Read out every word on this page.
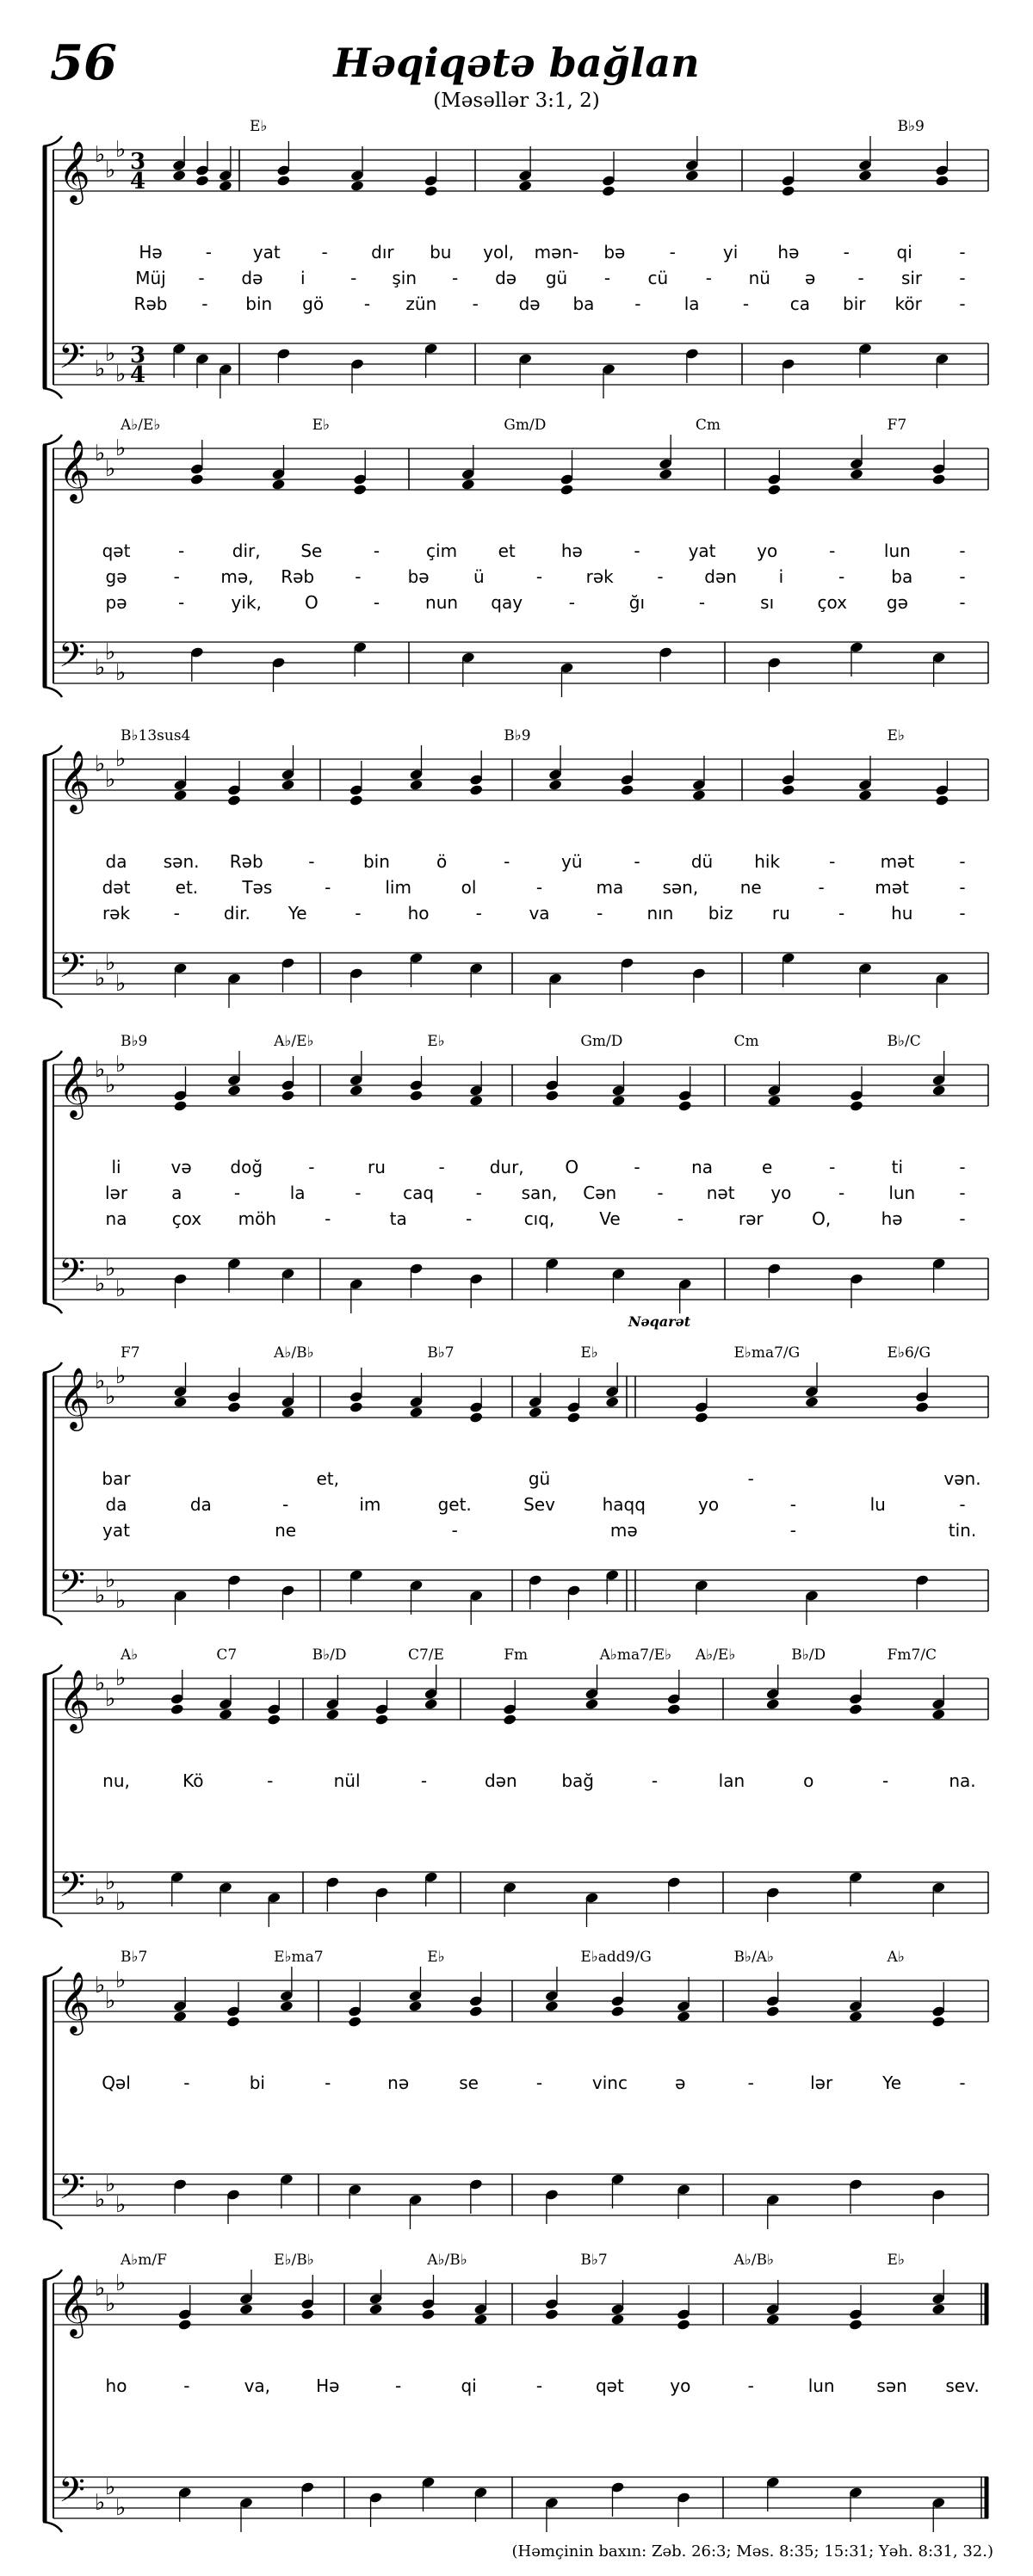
56	Həqiqətə bağlan
(Məsəllər 3:1, 2)
𝄞
𝄢
♭
♭
♭
♭
♭
♭
3
3
4
4
E♭	B♭9
Hə	- yat -	dır bu yol, mən- bə	-	yi hə	-	qi	-
Müj - də i	- şin - də gü - cü - nü ə - sir -
Rəb - bin gö - zün - də ba -	la	- ca bir kör -
𝄞
𝄢
♭
♭
♭
♭
♭
♭
A♭/E♭	E♭	Gm/D	Cm	F7
qət	-	dir, Se	-	çim et	hə	-	yat yo	-	lun	-
gə	- mə, Rəb -	bə	ü	-	rək	- dən i	-	ba	-
pə	-	yik,	O	-	nun qay	-	ğı	-	sı	çox gə	-
𝄞
𝄢
♭
♭
♭
♭
♭
♭
B♭13sus4	B♭9	E♭
da sən. Rəb	-	bin	ö	-	yü	-	dü hik	-	mət	-
dət	et.	Təs	-	lim	ol	-	ma sən, ne	-	mət	-
rək	-	dir. Ye	-	ho	-	va	-	nın biz ru	-	hu	-
𝄞
𝄢
♭
♭
♭
♭
♭
♭
B♭9	A♭/E♭	E♭	Gm/D	Cm	B♭/C
li	və doğ	-	ru	-	dur, O	-	na	e	-	ti	-
lər	a	-	la	- caq - san, Cən -	nət yo	-	lun	-
na	çox möh	-	ta	-	cıq,	Ve	-	rər	O,	hə	-
Nəqarət
𝄞
𝄢
♭
♭
♭
♭
♭
♭
F7	A♭/B♭	B♭7	E♭	E♭ma7/G	E♭6/G
bar	et,	gü	-	vən.
da	da	-	im	get.	Sev	haqq	yo	-	lu	-
yat	ne	-	mə	-	tin.
𝄞
𝄢
♭
♭
♭
♭
♭
♭
A♭	C7	B♭/D	C7/E	Fm	A♭ma7/E♭ A♭/E♭	B♭/D	Fm7/C
nu,	Kö	-	nül	-	dən	bağ	-	lan	o	-	na.
𝄞
𝄢
♭
♭
♭
♭
♭
♭
B♭7	E♭ma7	E♭	E♭add9/G	B♭/A♭	A♭
Qəl	-	bi	-	nə	se	-	vinc	ə	-	lər	Ye	-
𝄞
𝄢
♭
♭
♭
♭
♭
♭
A♭m/F	E♭/B♭	A♭/B♭	B♭7	A♭/B♭	E♭
ho	-	va,	Hə	-	qi	-	qət	yo	-	lun sən sev.
(Həmçinin baxın: Zəb. 26:3; Məs. 8:35; 15:31; Yəh. 8:31, 32.)
